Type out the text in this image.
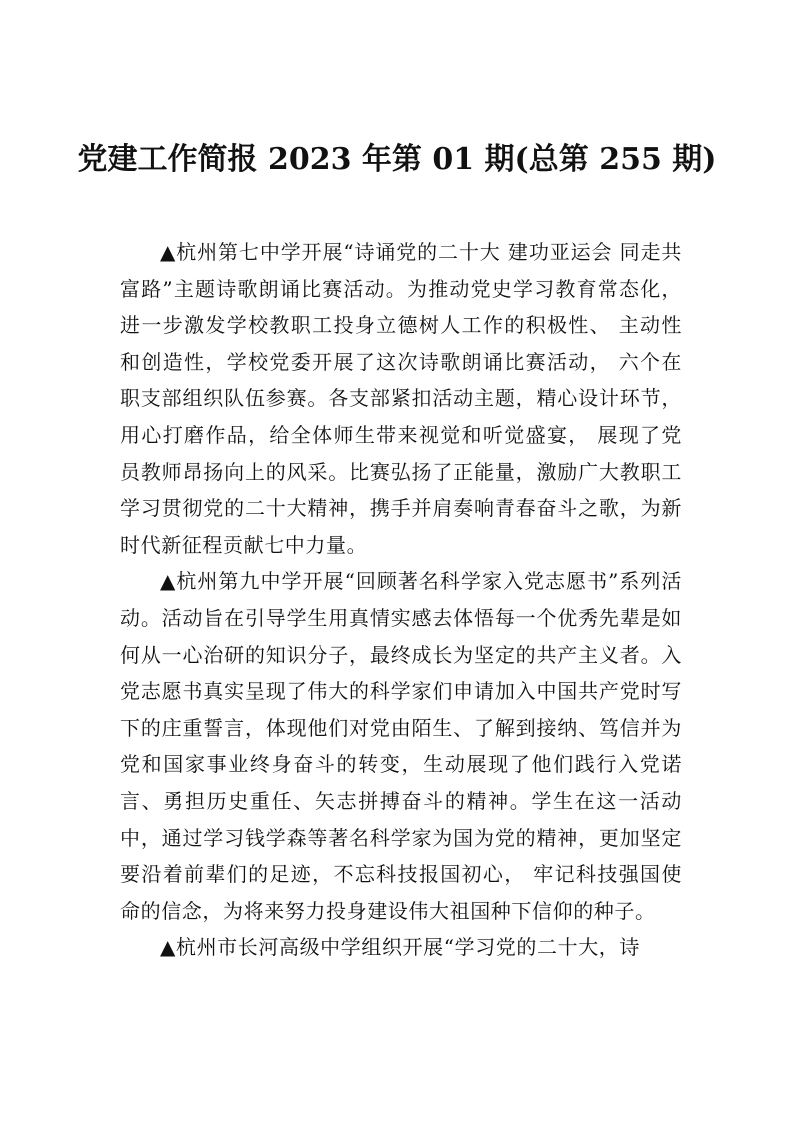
党建工作简报 2023 年第 01 期(总第 255 期)

▲杭州第七中学开展“诗诵党的二十大 建功亚运会 同走共富路”主题诗歌朗诵比赛活动。为推动党史学习教育常态化，进一步激发学校教职工投身立德树人工作的积极性、 主动性和创造性，学校党委开展了这次诗歌朗诵比赛活动， 六个在职支部组织队伍参赛。各支部紧扣活动主题，精心设计环节，用心打磨作品，给全体师生带来视觉和听觉盛宴， 展现了党员教师昂扬向上的风采。比赛弘扬了正能量，激励广大教职工学习贯彻党的二十大精神，携手并肩奏响青春奋斗之歌，为新时代新征程贡献七中力量。

▲杭州第九中学开展“回顾著名科学家入党志愿书”系列活动。活动旨在引导学生用真情实感去体悟每一个优秀先辈是如何从一心治研的知识分子，最终成长为坚定的共产主义者。入党志愿书真实呈现了伟大的科学家们申请加入中国共产党时写下的庄重誓言，体现他们对党由陌生、了解到接纳、笃信并为党和国家事业终身奋斗的转变，生动展现了他们践行入党诺言、勇担历史重任、矢志拼搏奋斗的精神。学生在这一活动中，通过学习钱学森等著名科学家为国为党的精神，更加坚定要沿着前辈们的足迹，不忘科技报国初心， 牢记科技强国使命的信念，为将来努力投身建设伟大祖国种下信仰的种子。

▲杭州市长河高级中学组织开展“学习党的二十大，诗
